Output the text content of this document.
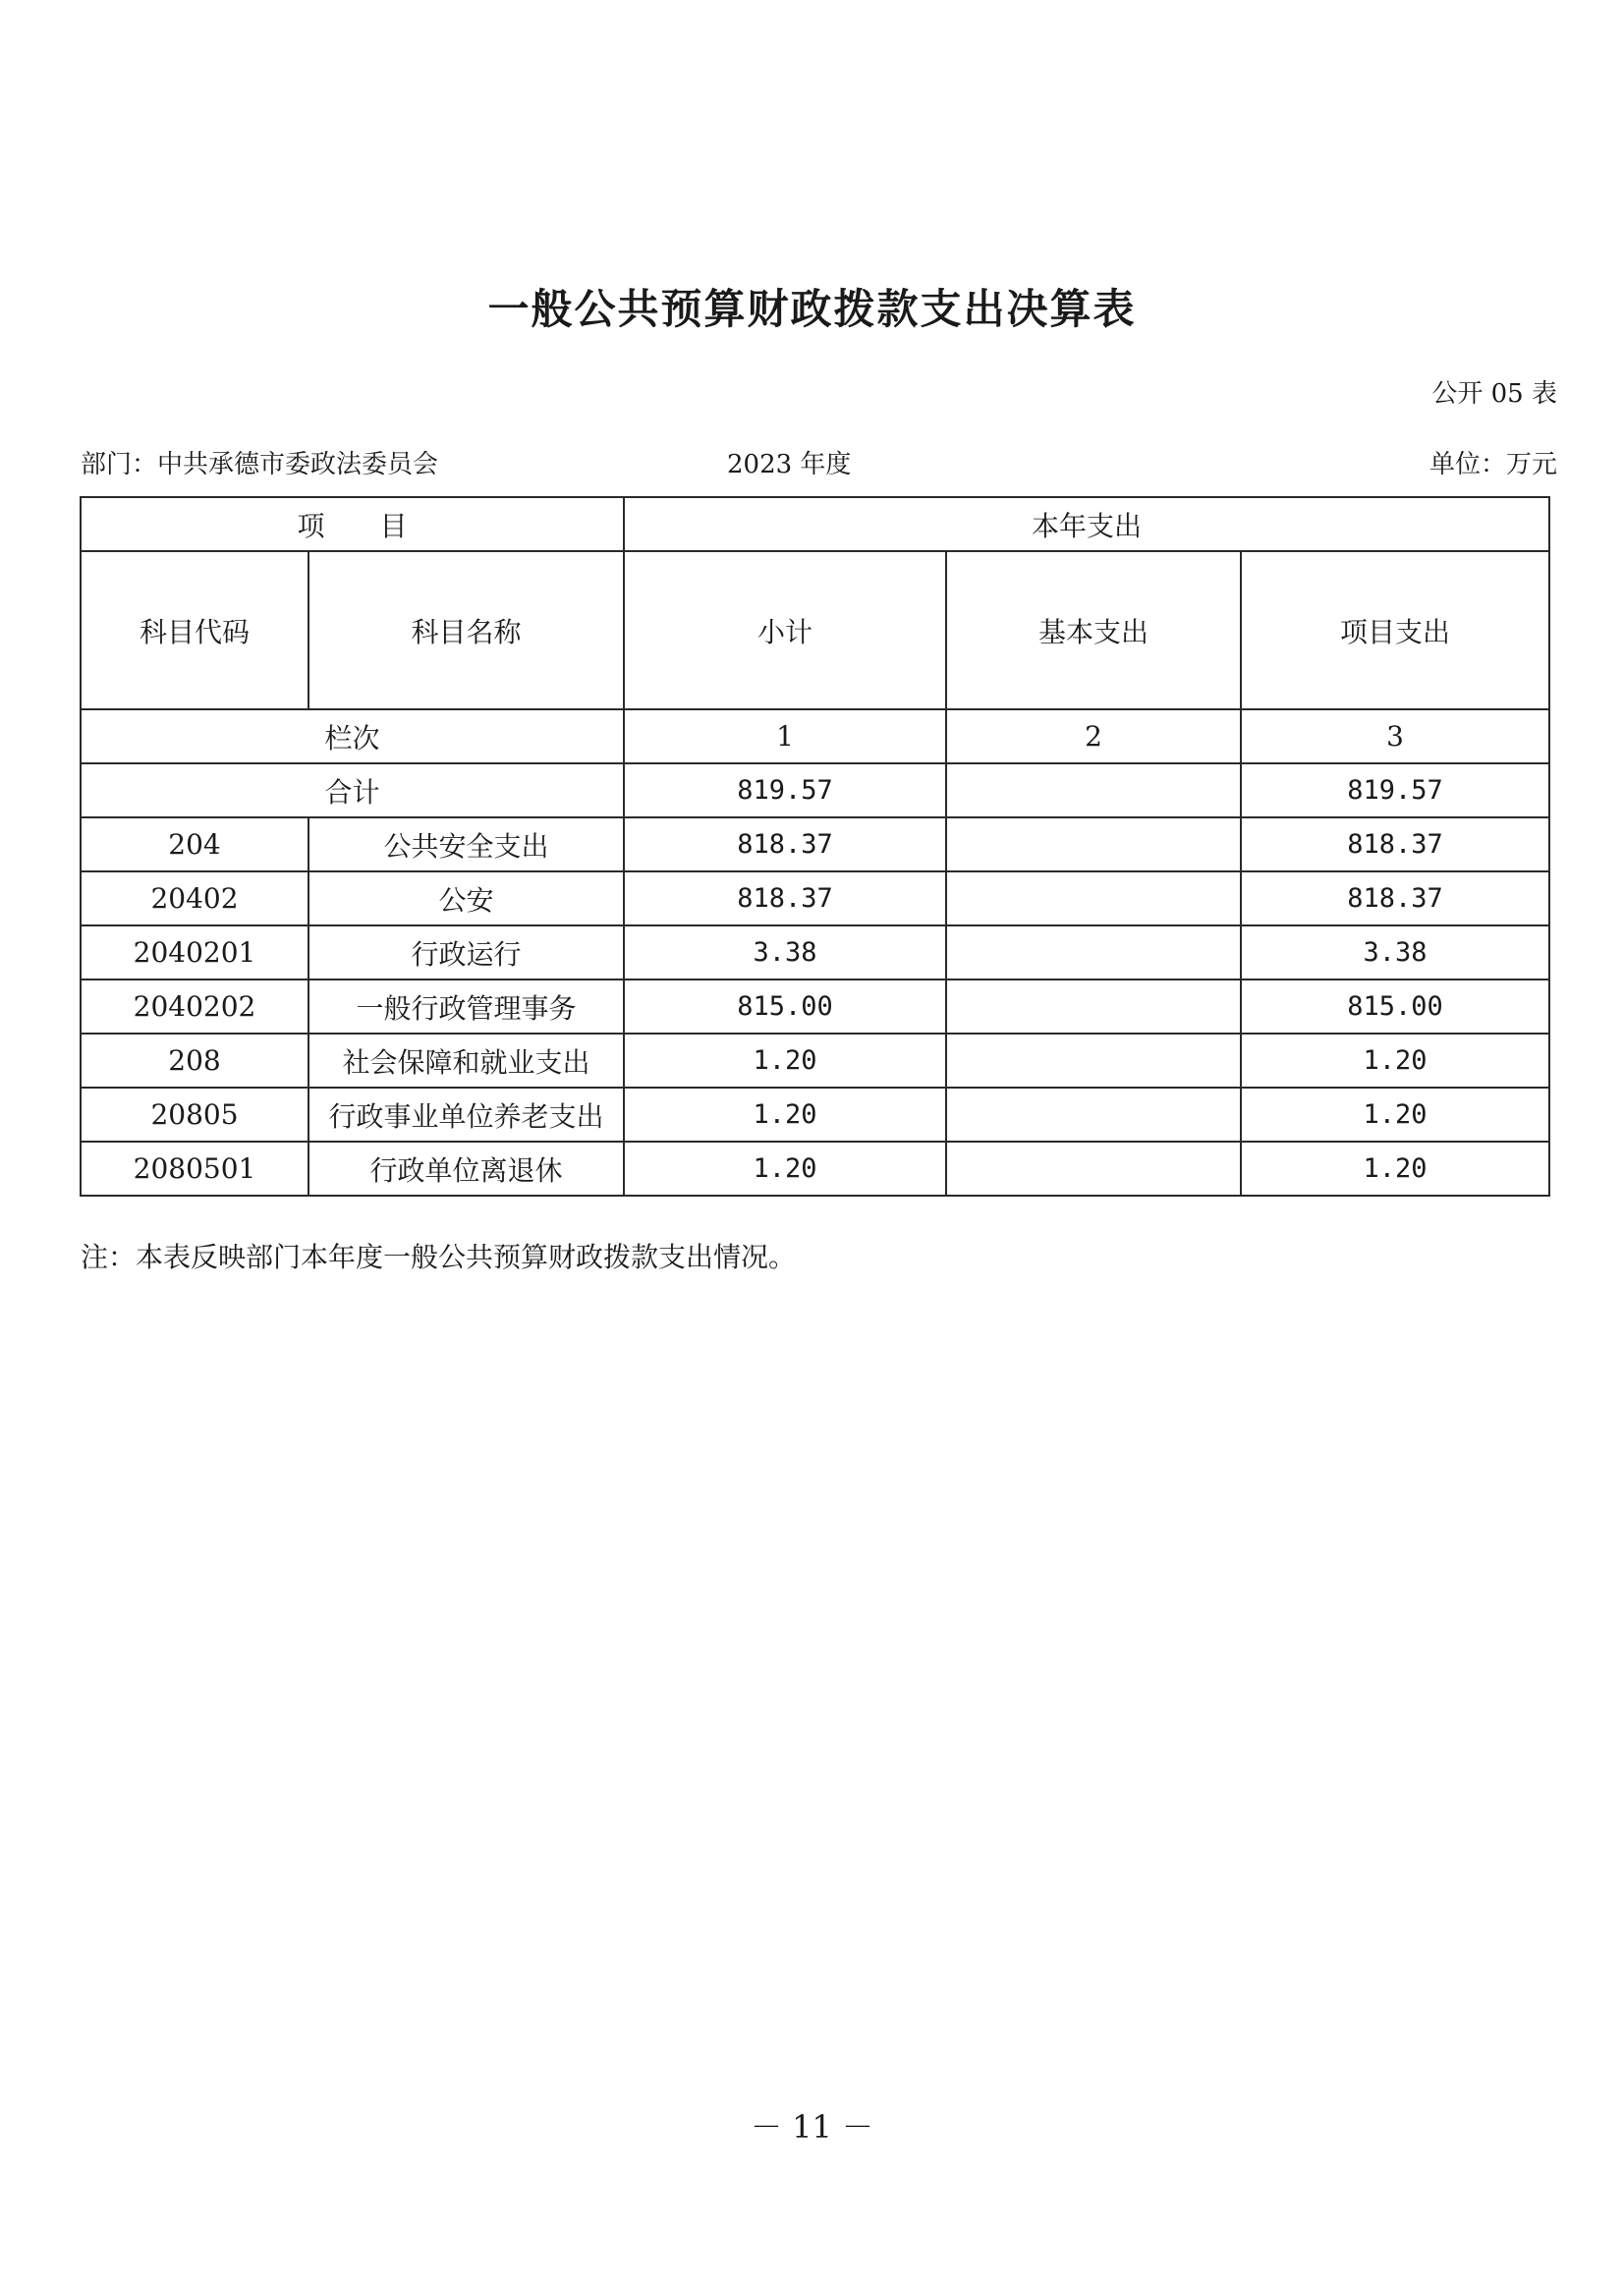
一般公共预算财政拨款支出决算表
公开 05 表
部门：中共承德市委政法委员会	2023 年度	单位：万元
项　　目		本年支出		
科目代码	科目名称	小计	基本支出	项目支出
栏次		1	2	3
合计		819.57		819.57
204	公共安全支出	818.37		818.37
20402	公安	818.37		818.37
2040201	行政运行	3.38		3.38
2040202	一般行政管理事务	815.00		815.00
208	社会保障和就业支出	1.20		1.20
20805	行政事业单位养老支出	1.20		1.20
2080501	行政单位离退休	1.20		1.20
注：本表反映部门本年度一般公共预算财政拨款支出情况。
－ 11 －
